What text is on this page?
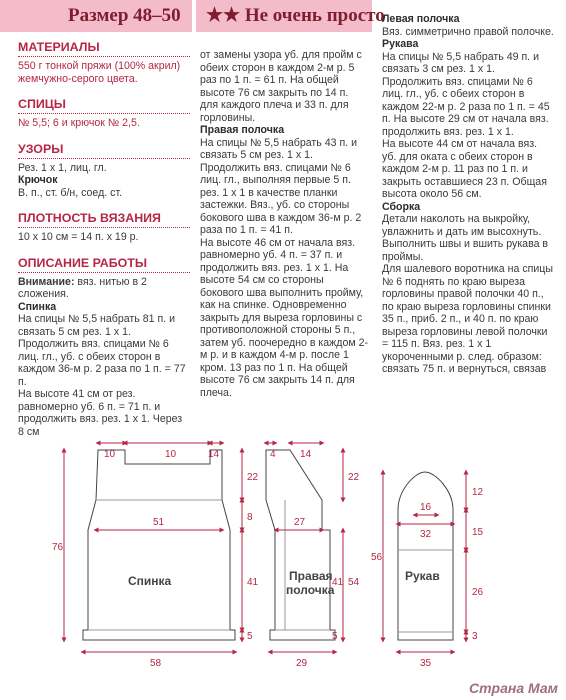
Размер 48–50	★★ Не очень просто
МАТЕРИАЛЫ

550 г тонкой пряжи (100% акрил) жемчужно-серого цвета.

СПИЦЫ

№ 5,5; 6 и крючок № 2,5.

УЗОРЫ

Рез. 1 х 1, лиц. гл.

Крючок

В. п., ст. б/н, соед. ст.

ПЛОТНОСТЬ ВЯЗАНИЯ

10 х 10 см = 14 п. х 19 р.

ОПИСАНИЕ РАБОТЫ

Внимание: вяз. нитью в 2 сложения.

Спинка

На спицы № 5,5 набрать 81 п. и связать 5 см рез. 1 х 1. Продолжить вяз. спицами № 6 лиц. гл., уб. с обеих сторон в каждом 36-м р. 2 раза по 1 п. = 77 п.

На высоте 41 см от рез. равномерно уб. 6 п. = 71 п. и продолжить вяз. рез. 1 х 1. Через 8 см

от замены узора уб. для пройм с обеих сторон в каждом 2-м р. 5 раз по 1 п. = 61 п. На общей высоте 76 см закрыть по 14 п. для каждого плеча и 33 п. для горловины.

Правая полочка

На спицы № 5,5 набрать 43 п. и связать 5 см рез. 1 х 1. Продолжить вяз. спицами № 6 лиц. гл., выполняя первые 5 п. рез. 1 х 1 в качестве планки застежки. Вяз., уб. со стороны бокового шва в каждом 36-м р. 2 раза по 1 п. = 41 п.

На высоте 46 см от начала вяз. равномерно уб. 4 п. = 37 п. и продолжить вяз. рез. 1 х 1. На высоте 54 см со стороны бокового шва выполнить пройму, как на спинке. Одновременно закрыть для выреза горловины с противоположной стороны 5 п., затем уб. поочередно в каждом 2-м р. и в каждом 4-м р. после 1 кром. 13 раз по 1 п. На общей высоте 76 см закрыть 14 п. для плеча.

Левая полочка

Вяз. симметрично правой полочке.

Рукава

На спицы № 5,5 набрать 49 п. и связать 3 см рез. 1 х 1. Продолжить вяз. спицами № 6 лиц. гл., уб. с обеих сторон в каждом 22-м р. 2 раза по 1 п. = 45 п. На высоте 29 см от начала вяз. продолжить вяз. рез. 1 х 1.

На высоте 44 см от начала вяз. уб. для оката с обеих сторон в каждом 2-м р. 11 раз по 1 п. и закрыть оставшиеся 23 п. Общая высота около 56 см.

Сборка

Детали наколоть на выкройку, увлажнить и дать им высохнуть. Выполнить швы и вшить рукава в проймы.

Для шалевого воротника на спицы № 6 поднять по краю выреза горловины правой полочки 40 п., по краю выреза горловины спинки 35 п., приб. 2 п., и 40 п. по краю выреза горловины левой полочки = 115 п. Вяз. рез. 1 х 1 укороченными р. след. образом: связать 75 п. и вернуться, связав

10	10	14
51
58
76
22
8
41
5
4 14
27
29
54
22
41
5
16
32
35
56
12
15
26
3
Спинка	Правая
полочка
Рукав
Страна Мам
